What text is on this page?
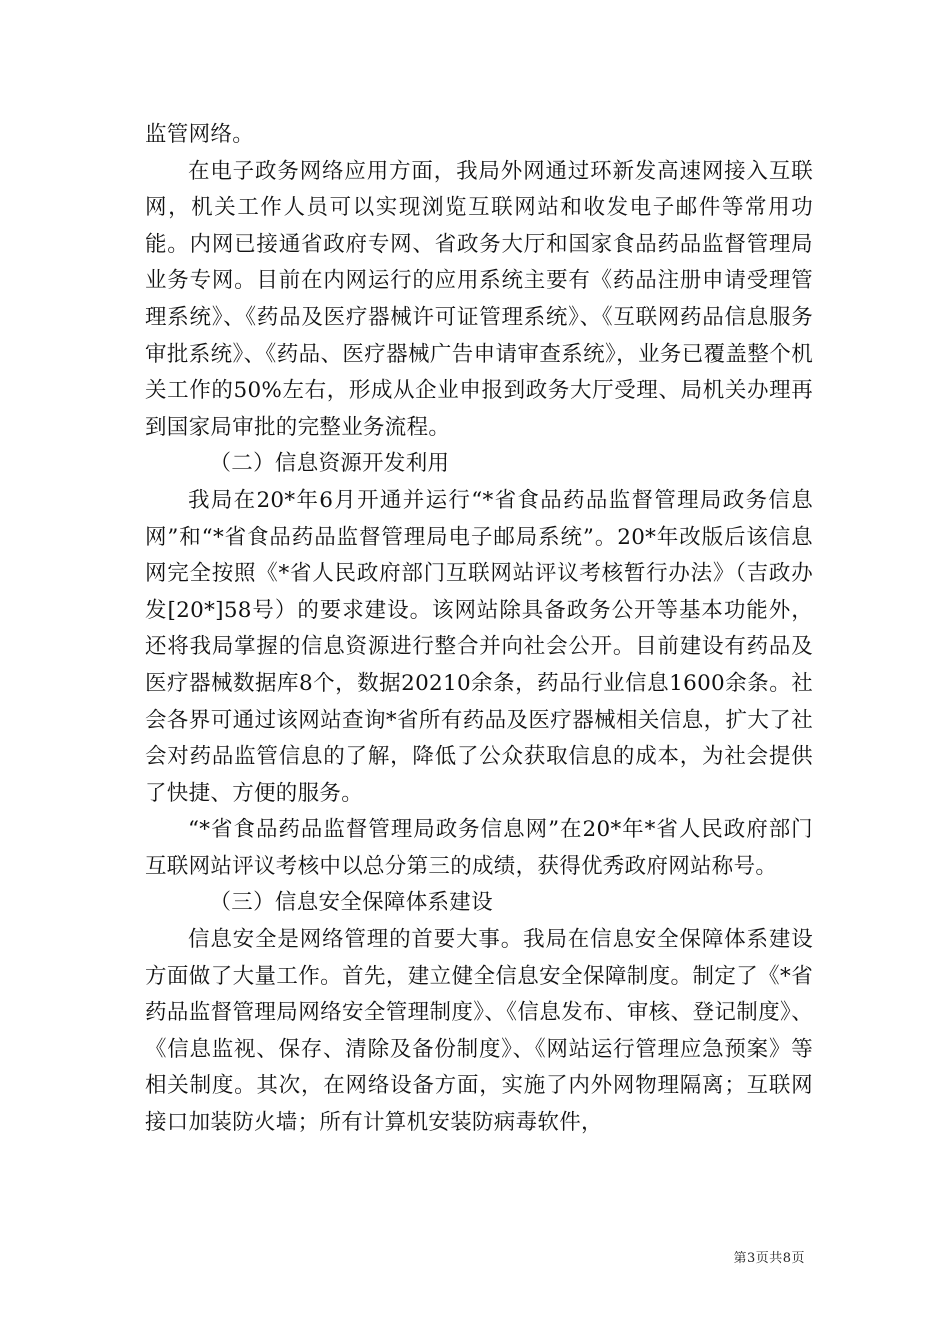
监管网络。

在电子政务网络应用方面，我局外网通过环新发高速网接入互联网，机关工作人员可以实现浏览互联网站和收发电子邮件等常用功能。内网已接通省政府专网、省政务大厅和国家食品药品监督管理局业务专网。目前在内网运行的应用系统主要有《药品注册申请受理管理系统》、《药品及医疗器械许可证管理系统》、《互联网药品信息服务审批系统》、《药品、医疗器械广告申请审查系统》，业务已覆盖整个机关工作的50%左右，形成从企业申报到政务大厅受理、局机关办理再到国家局审批的完整业务流程。

（二）信息资源开发利用

我局在20*年6月开通并运行“*省食品药品监督管理局政务信息网”和“*省食品药品监督管理局电子邮局系统”。20*年改版后该信息网完全按照《*省人民政府部门互联网站评议考核暂行办法》（吉政办发[20*]58号）的要求建设。该网站除具备政务公开等基本功能外，还将我局掌握的信息资源进行整合并向社会公开。目前建设有药品及医疗器械数据库8个，数据20210余条，药品行业信息1600余条。社会各界可通过该网站查询*省所有药品及医疗器械相关信息，扩大了社会对药品监管信息的了解，降低了公众获取信息的成本，为社会提供了快捷、方便的服务。

“*省食品药品监督管理局政务信息网”在20*年*省人民政府部门互联网站评议考核中以总分第三的成绩，获得优秀政府网站称号。

（三）信息安全保障体系建设

信息安全是网络管理的首要大事。我局在信息安全保障体系建设方面做了大量工作。首先，建立健全信息安全保障制度。制定了《*省药品监督管理局网络安全管理制度》、《信息发布、审核、登记制度》、《信息监视、保存、清除及备份制度》、《网站运行管理应急预案》等相关制度。其次，在网络设备方面，实施了内外网物理隔离；互联网接口加装防火墙；所有计算机安装防病毒软件，

第3页共8页
